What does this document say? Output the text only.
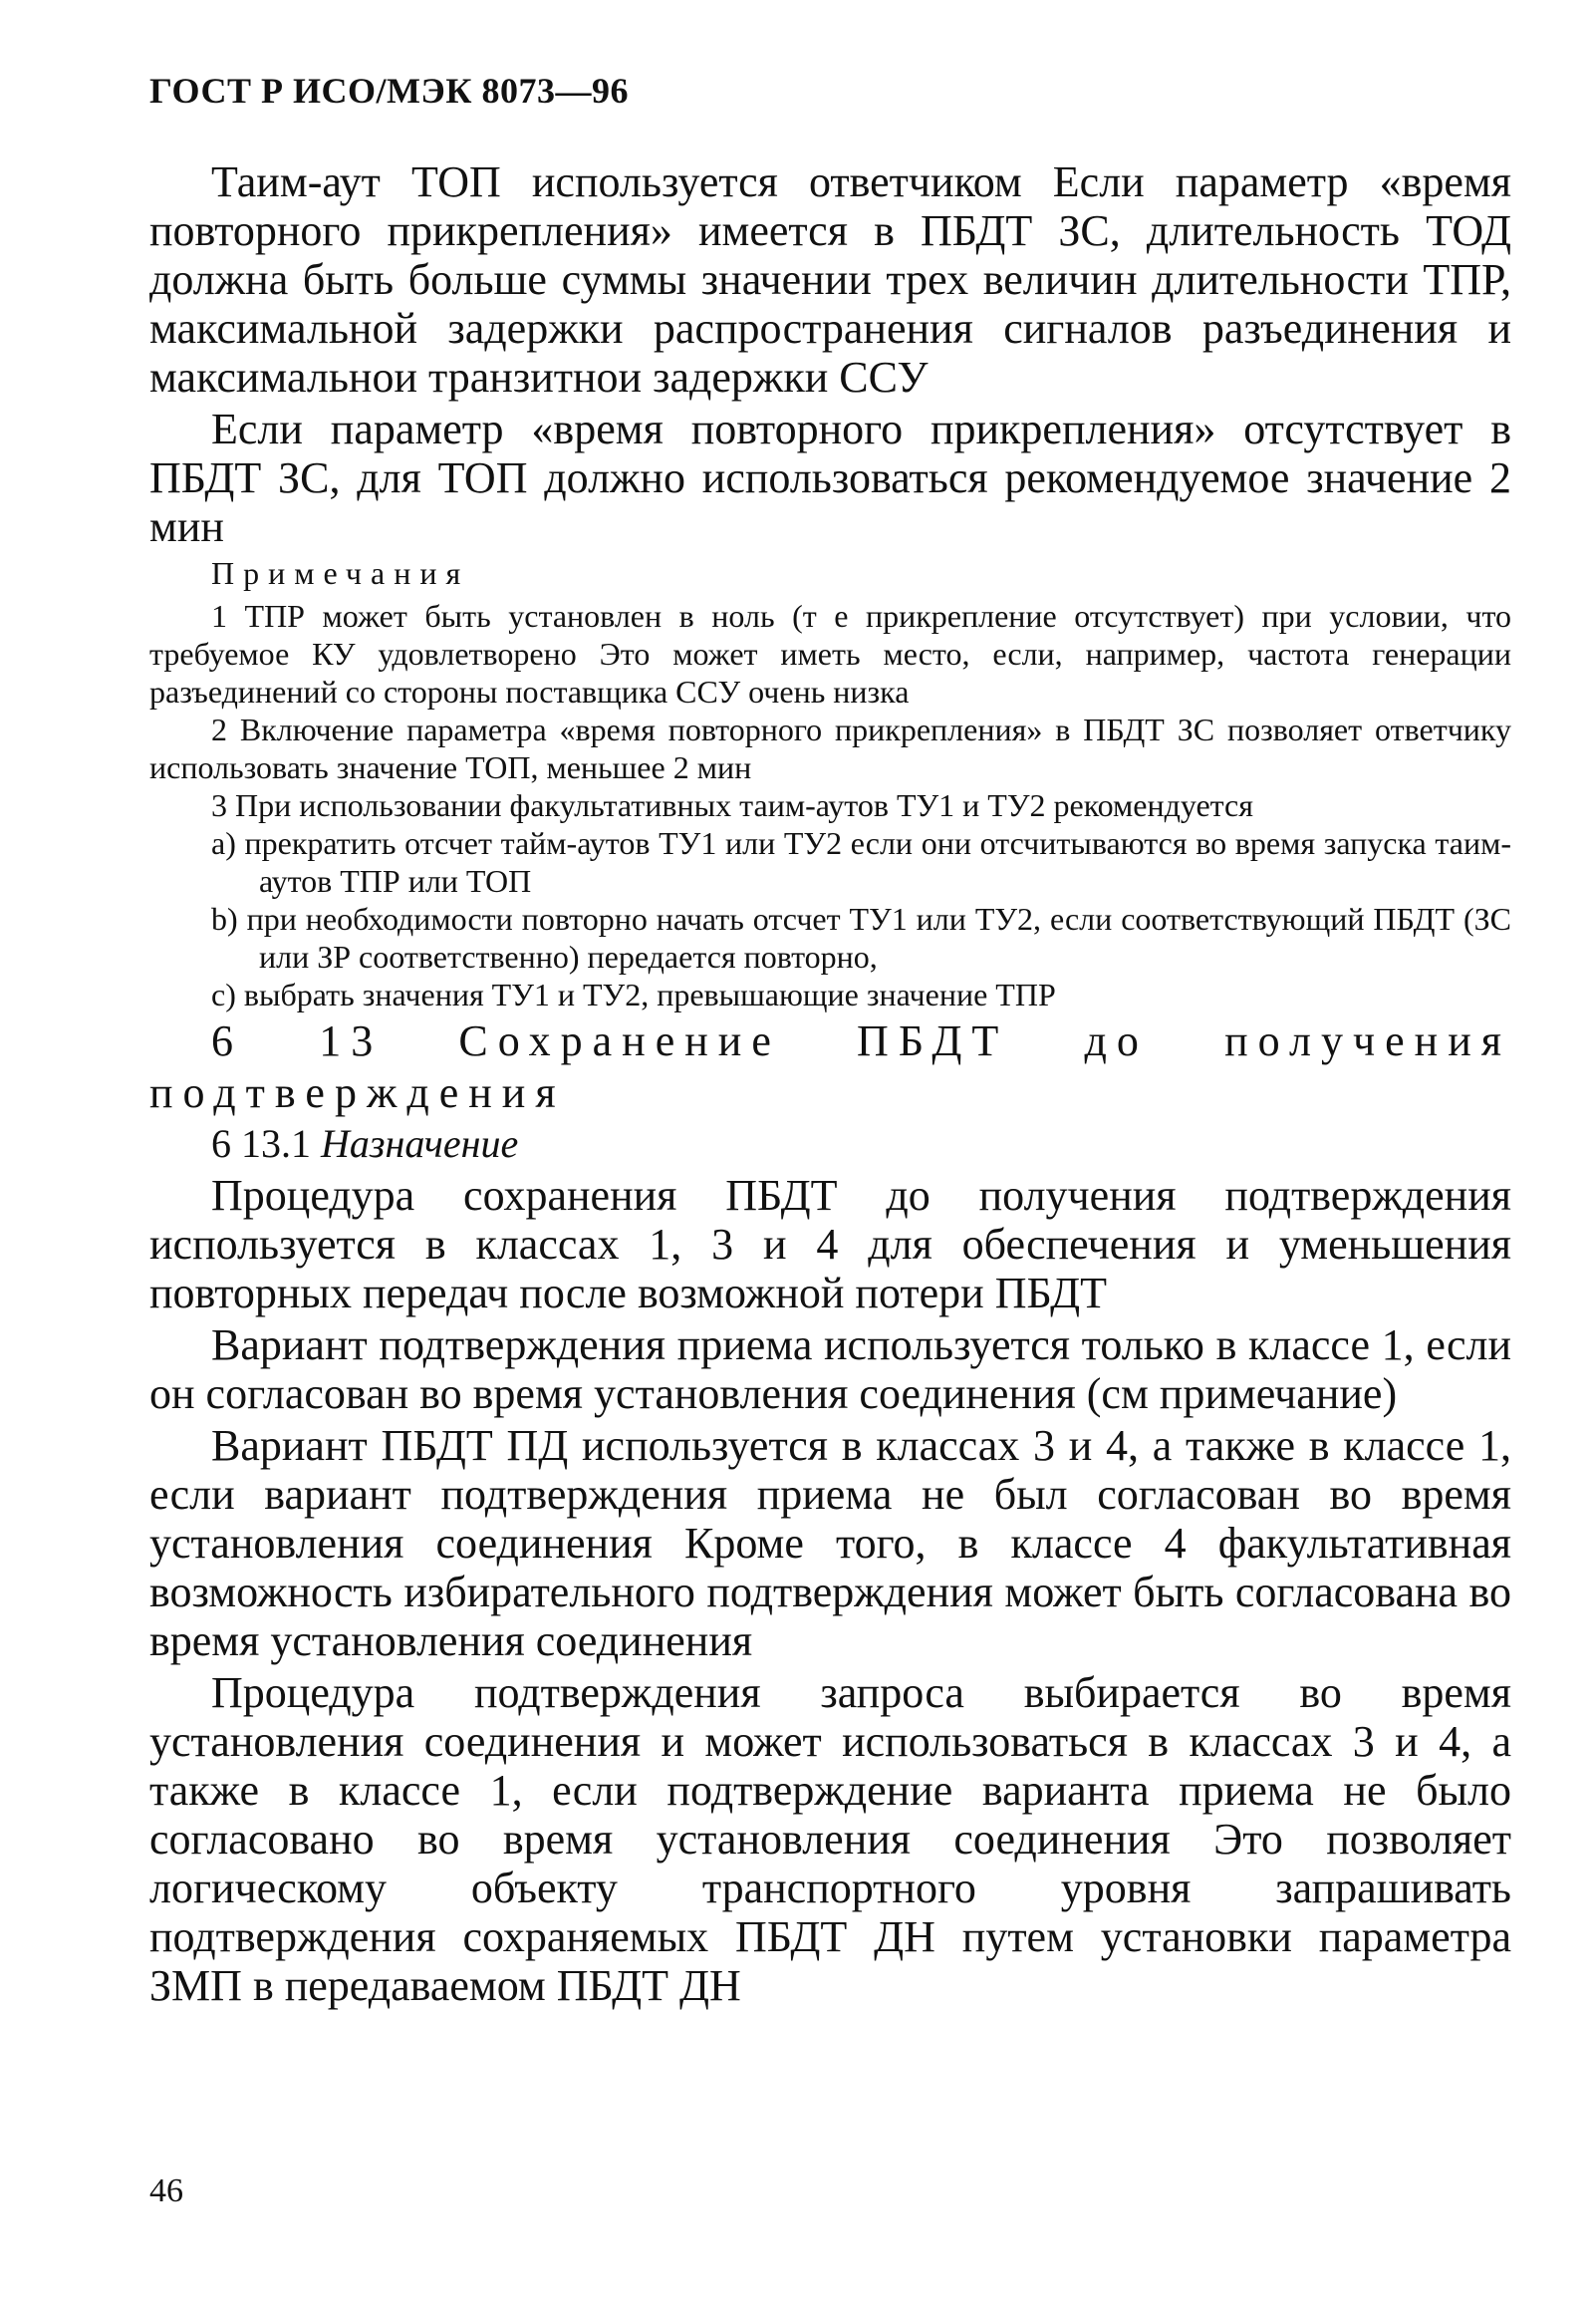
ГОСТ Р ИСО/МЭК 8073—96

Таим-аут ТОП используется ответчиком Если параметр «время повторного прикрепления» имеется в ПБДТ ЗС, длительность ТОД должна быть больше суммы значении трех величин длительности ТПР, максимальной задержки распространения сигналов разъединения и максимальнои транзитнои задержки ССУ

Если параметр «время повторного прикрепления» отсутствует в ПБДТ ЗС, для ТОП должно использоваться рекомендуемое значение 2 мин

Примечания

1 ТПР может быть установлен в ноль (т е прикрепление отсутствует) при условии, что требуемое КУ удовлетворено Это может иметь место, если, например, частота генерации разъединений со стороны поставщика ССУ очень низка

2 Включение параметра «время повторного прикрепления» в ПБДТ ЗС позволяет ответчику использовать значение ТОП, меньшее 2 мин

3 При использовании факультативных таим-аутов ТУ1 и ТУ2 рекомендуется

a) прекратить отсчет тайм-аутов ТУ1 или ТУ2 если они отсчитываются во время запуска таим-аутов ТПР или ТОП

b) при необходимости повторно начать отсчет ТУ1 или ТУ2, если соответствующий ПБДТ (ЗС или ЗР соответственно) передается повторно,

c) выбрать значения ТУ1 и ТУ2, превышающие значение ТПР

6 13 Сохранение ПБДТ до получения подтверждения
6 13.1 Назначение

Процедура сохранения ПБДТ до получения подтверждения используется в классах 1, 3 и 4 для обеспечения и уменьшения повторных передач после возможной потери ПБДТ

Вариант подтверждения приема используется только в классе 1, если он согласован во время установления соединения (см примечание)

Вариант ПБДТ ПД используется в классах 3 и 4, а также в классе 1, если вариант подтверждения приема не был согласован во время установления соединения Кроме того, в классе 4 факультативная возможность избирательного подтверждения может быть согласована во время установления соединения

Процедура подтверждения запроса выбирается во время установления соединения и может использоваться в классах 3 и 4, а также в классе 1, если подтверждение варианта приема не было согласовано во время установления соединения Это позволяет логическому объекту транспортного уровня запрашивать подтверждения сохраняемых ПБДТ ДН путем установки параметра ЗМП в передаваемом ПБДТ ДН

46
